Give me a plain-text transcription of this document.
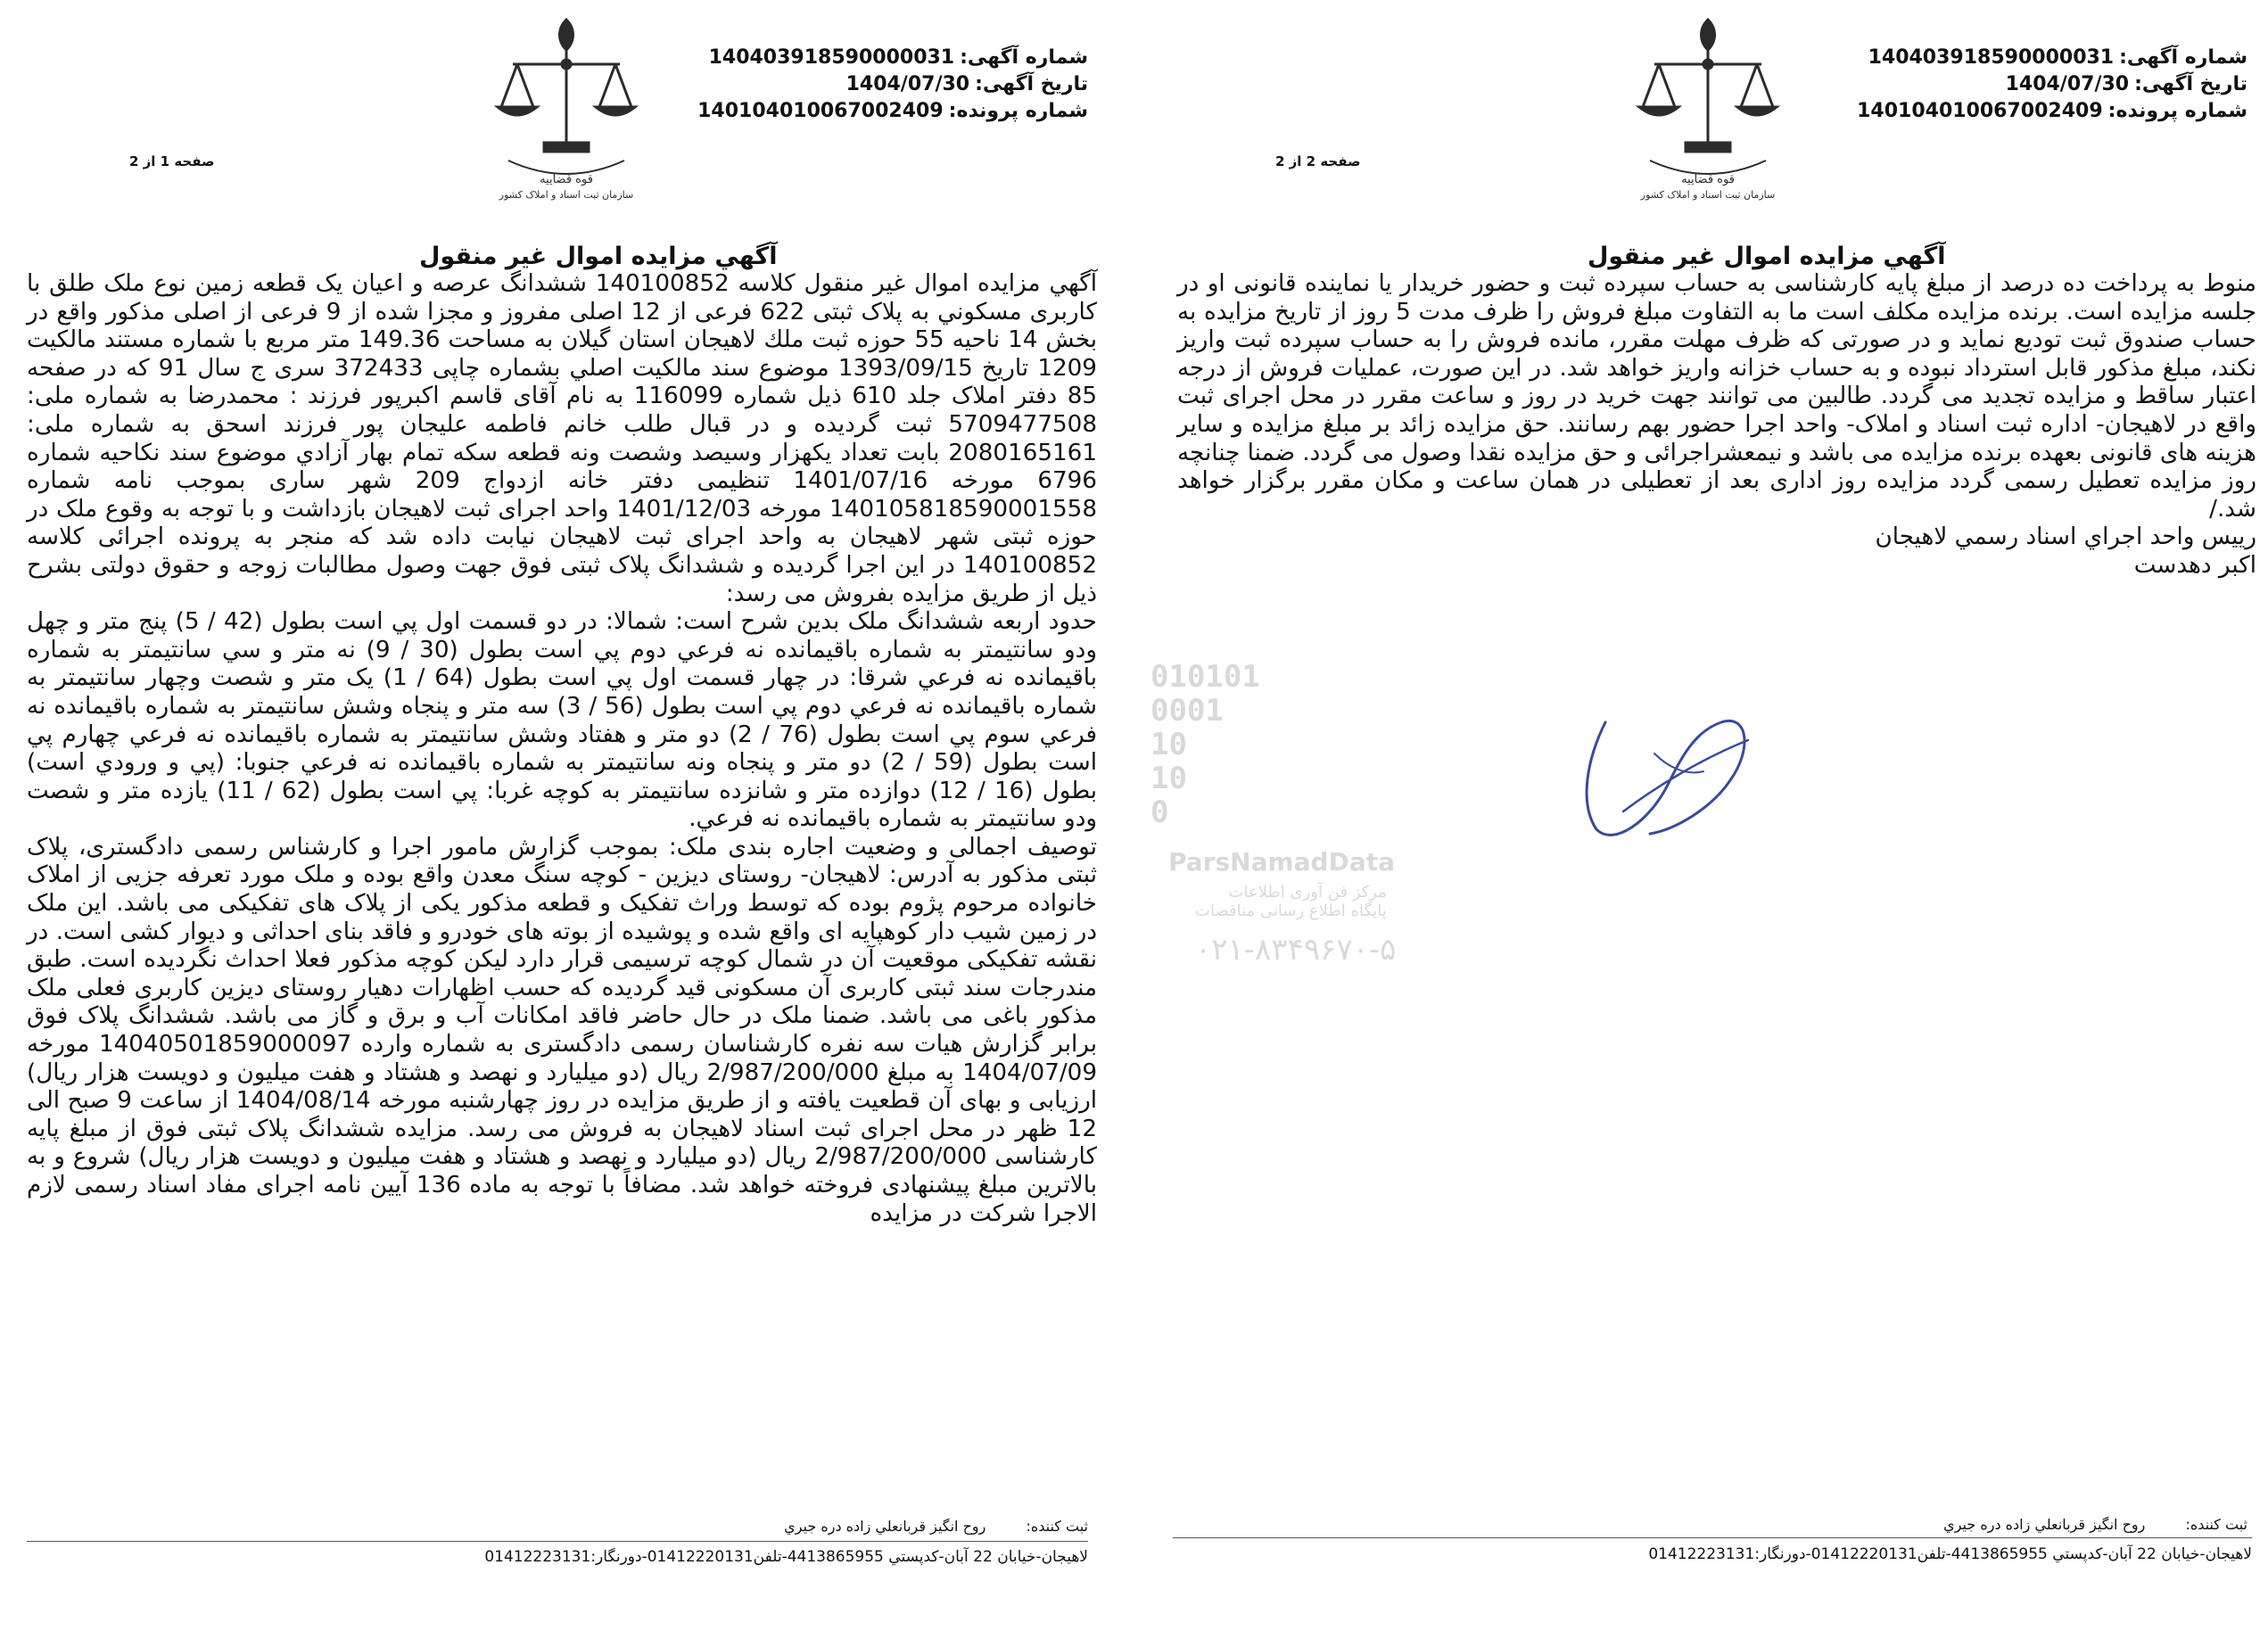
شماره آگهی:140403918590000031
تاریخ آگهی:1404/07/30
شماره پرونده:140104010067002409
قوه قضاییه
سازمان ثبت اسناد و املاک کشور
صفحه 1 از 2
آگهي مزايده اموال غير منقول

آگهي مزايده اموال غير منقول كلاسه 140100852 ششدانگ عرصه و اعيان يک قطعه زمين نوع ملک طلق با کاربری مسكوني به پلاک ثبتی 622 فرعی از 12 اصلی مفروز و مجزا شده از 9 فرعی از اصلی مذکور واقع در بخش 14 ناحیه 55 حوزه ثبت ملك لاهيجان استان گيلان به مساحت 149.36 متر مربع با شماره مستند مالکیت 1209 تاریخ 1393/09/15 موضوع سند مالکیت اصلي بشماره چاپی 372433 سری ج سال 91 که در صفحه 85 دفتر املاک جلد 610 ذیل شماره 116099 به نام آقای قاسم اکبرپور فرزند : محمدرضا به شماره ملی: 5709477508 ثبت گرديده و در قبال طلب خانم فاطمه عليجان پور فرزند اسحق به شماره ملی: 2080165161 بابت تعداد يكهزار وسيصد وشصت ونه قطعه سكه تمام بهار آزادي موضوع سند نكاحيه شماره 6796 مورخه 1401/07/16 تنظيمی دفتر خانه ازدواج 209 شهر ساری بموجب نامه شماره 140105818590001558 مورخه 1401/12/03 واحد اجرای ثبت لاهيجان بازداشت و با توجه به وقوع ملک در حوزه ثبتی شهر لاهیجان به واحد اجرای ثبت لاهیجان نيابت داده شد که منجر به پرونده اجرائی كلاسه 140100852 در این اجرا گرديده و ششدانگ پلاک ثبتی فوق جهت وصول مطالبات زوجه و حقوق دولتی بشرح ذیل از طريق مزايده بفروش می رسد:

حدود اربعه ششدانگ ملک بدين شرح است: شمالا: در دو قسمت اول پي است بطول (42 / 5) پنج متر و چهل ودو سانتيمتر به شماره باقيمانده نه فرعي دوم پي است بطول (30 / 9) نه متر و سي سانتيمتر به شماره باقيمانده نه فرعي شرقا: در چهار قسمت اول پي است بطول (64 / 1) يک متر و شصت وچهار سانتيمتر به شماره باقيمانده نه فرعي دوم پي است بطول (56 / 3) سه متر و پنجاه وشش سانتيمتر به شماره باقيمانده نه فرعي سوم پي است بطول (76 / 2) دو متر و هفتاد وشش سانتيمتر به شماره باقيمانده نه فرعي چهارم پي است بطول (59 / 2) دو متر و پنجاه ونه سانتيمتر به شماره باقيمانده نه فرعي جنوبا: (پي و ورودي است) بطول (16 / 12) دوازده متر و شانزده سانتيمتر به کوچه غربا: پي است بطول (62 / 11) يازده متر و شصت ودو سانتيمتر به شماره باقيمانده نه فرعي.

توصیف اجمالی و وضعیت اجاره بندی ملک: بموجب گزارش مامور اجرا و کارشناس رسمی دادگستری، پلاک ثبتی مذکور به آدرس: لاهیجان- روستای دیزین - کوچه سنگ معدن واقع بوده و ملک مورد تعرفه جزیی از املاک خانواده مرحوم پژوم بوده که توسط وراث تفکیک و قطعه مذکور یکی از پلاک های تفکیکی می باشد. این ملک در زمین شیب دار کوهپایه ای واقع شده و پوشیده از بوته های خودرو و فاقد بنای احداثی و دیوار کشی است. در نقشه تفکیکی موقعیت آن در شمال کوچه ترسیمی قرار دارد لیکن کوچه مذکور فعلا احداث نگردیده است. طبق مندرجات سند ثبتی کاربری آن مسکونی قید گردیده که حسب اظهارات دهیار روستای دیزین کاربری فعلی ملک مذکور باغی می باشد. ضمنا ملک در حال حاضر فاقد امکانات آب و برق و گاز می باشد. ششدانگ پلاک فوق برابر گزارش هیات سه نفره کارشناسان رسمی دادگستری به شماره وارده 14040501859000097 مورخه 1404/07/09 به مبلغ 2/987/200/000 ریال (دو میلیارد و نهصد و هشتاد و هفت میلیون و دویست هزار ریال) ارزیابی و بهای آن قطعیت یافته و از طریق مزایده در روز چهارشنبه مورخه 1404/08/14 از ساعت 9 صبح الی 12 ظهر در محل اجرای ثبت اسناد لاهیجان به فروش می رسد. مزایده ششدانگ پلاک ثبتی فوق از مبلغ پایه کارشناسی 2/987/200/000 ریال (دو میلیارد و نهصد و هشتاد و هفت میلیون و دویست هزار ریال) شروع و به بالاترین مبلغ پیشنهادی فروخته خواهد شد. مضافاً با توجه به ماده 136 آیین نامه اجرای مفاد اسناد رسمی لازم الاجرا شرکت در مزایده

ثبت كننده: روح انگيز قربانعلي زاده دره جيري
لاهيجان-خيابان 22 آبان-كدپستي 4413865955-تلفن01412220131-دورنگار:01412223131
شماره آگهی:140403918590000031
تاریخ آگهی:1404/07/30
شماره پرونده:140104010067002409
قوه قضاییه
سازمان ثبت اسناد و املاک کشور
صفحه 2 از 2
آگهي مزايده اموال غير منقول

منوط به پرداخت ده درصد از مبلغ پایه کارشناسی به حساب سپرده ثبت و حضور خریدار یا نماینده قانونی او در جلسه مزایده است. برنده مزایده مکلف است ما به التفاوت مبلغ فروش را ظرف مدت 5 روز از تاریخ مزایده به حساب صندوق ثبت تودیع نماید و در صورتی که ظرف مهلت مقرر، مانده فروش را به حساب سپرده ثبت واریز نکند، مبلغ مذکور قابل استرداد نبوده و به حساب خزانه واریز خواهد شد. در این صورت، عملیات فروش از درجه اعتبار ساقط و مزایده تجدید می گردد. طالبین می توانند جهت خرید در روز و ساعت مقرر در محل اجرای ثبت واقع در لاهیجان- اداره ثبت اسناد و املاک- واحد اجرا حضور بهم رسانند. حق مزایده زائد بر مبلغ مزایده و سایر هزینه های قانونی بعهده برنده مزایده می باشد و نیمعشراجرائی و حق مزایده نقدا وصول می گردد. ضمنا چنانچه روز مزایده تعطیل رسمی گردد مزایده روز اداری بعد از تعطیلی در همان ساعت و مکان مقرر برگزار خواهد شد./

رييس واحد اجراي اسناد رسمي لاهيجان

اكبر دهدست

ثبت كننده: روح انگيز قربانعلي زاده دره جيري
لاهيجان-خيابان 22 آبان-كدپستي 4413865955-تلفن01412220131-دورنگار:01412223131
010101
0001
10
10
0
ParsNamadData
مرکز فن آوری اطلاعات
پایگاه اطلاع رسانی مناقصات
۰۲۱-۸۳۴۹۶۷۰-۵
